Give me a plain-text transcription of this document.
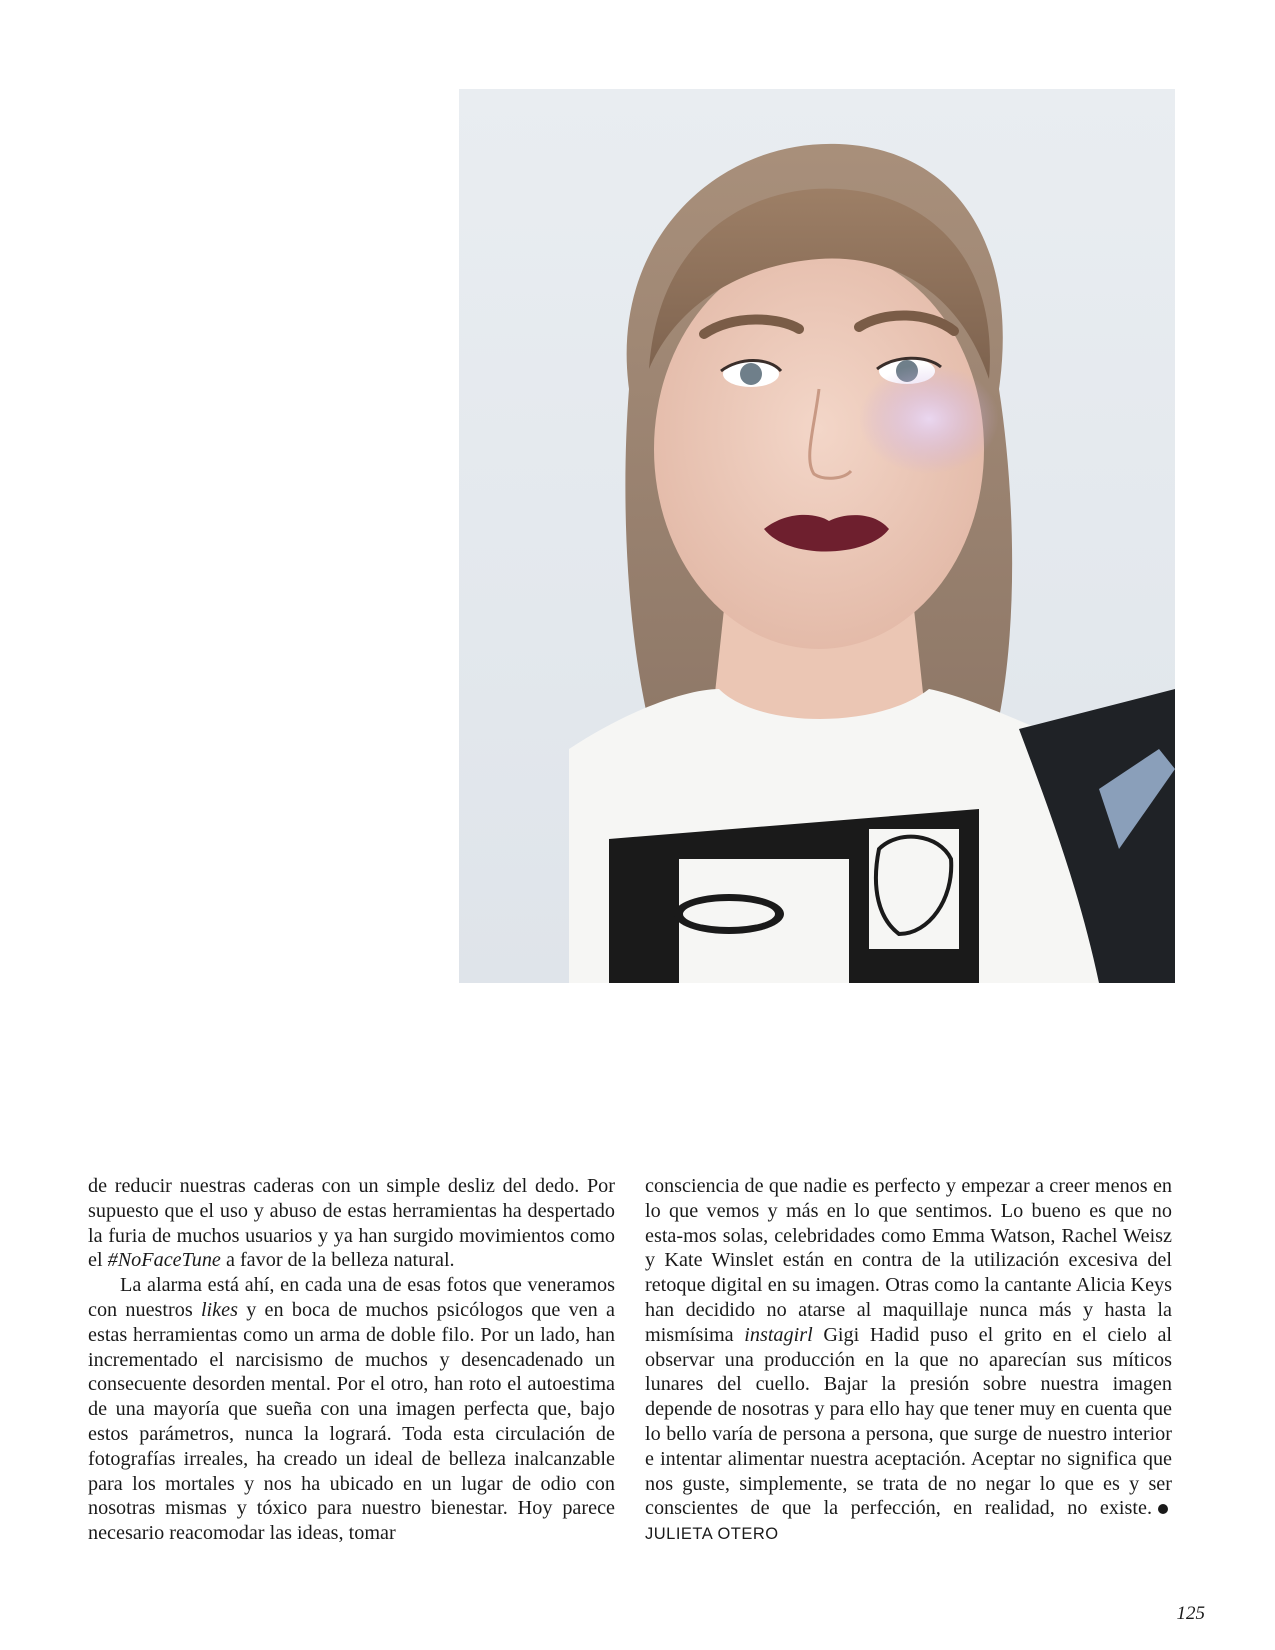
de reducir nuestras caderas con un simple desliz del dedo. Por supuesto que el uso y abuso de estas herramientas ha despertado la furia de muchos usuarios y ya han surgido movimientos como el #NoFaceTune a favor de la belleza natural.

La alarma está ahí, en cada una de esas fotos que veneramos con nuestros likes y en boca de muchos psicólogos que ven a estas herramientas como un arma de doble filo. Por un lado, han incrementado el narcisismo de muchos y desencadenado un consecuente desorden mental. Por el otro, han roto el autoestima de una mayoría que sueña con una imagen perfecta que, bajo estos parámetros, nunca la logrará. Toda esta circulación de fotografías irreales, ha creado un ideal de belleza inalcanzable para los mortales y nos ha ubicado en un lugar de odio con nosotras mismas y tóxico para nuestro bienestar. Hoy parece necesario reacomodar las ideas, tomar

consciencia de que nadie es perfecto y empezar a creer menos en lo que vemos y más en lo que sentimos. Lo bueno es que no esta-mos solas, celebridades como Emma Watson, Rachel Weisz y Kate Winslet están en contra de la utilización excesiva del retoque digital en su imagen. Otras como la cantante Alicia Keys han decidido no atarse al maquillaje nunca más y hasta la mismísima instagirl Gigi Hadid puso el grito en el cielo al observar una producción en la que no aparecían sus míticos lunares del cuello. Bajar la presión sobre nuestra imagen depende de nosotras y para ello hay que tener muy en cuenta que lo bello varía de persona a persona, que surge de nuestro interior e intentar alimentar nuestra aceptación. Aceptar no significa que nos guste, simplemente, se trata de no negar lo que es y ser conscientes de que la perfección, en realidad, no existe.JULIETA OTERO

125
